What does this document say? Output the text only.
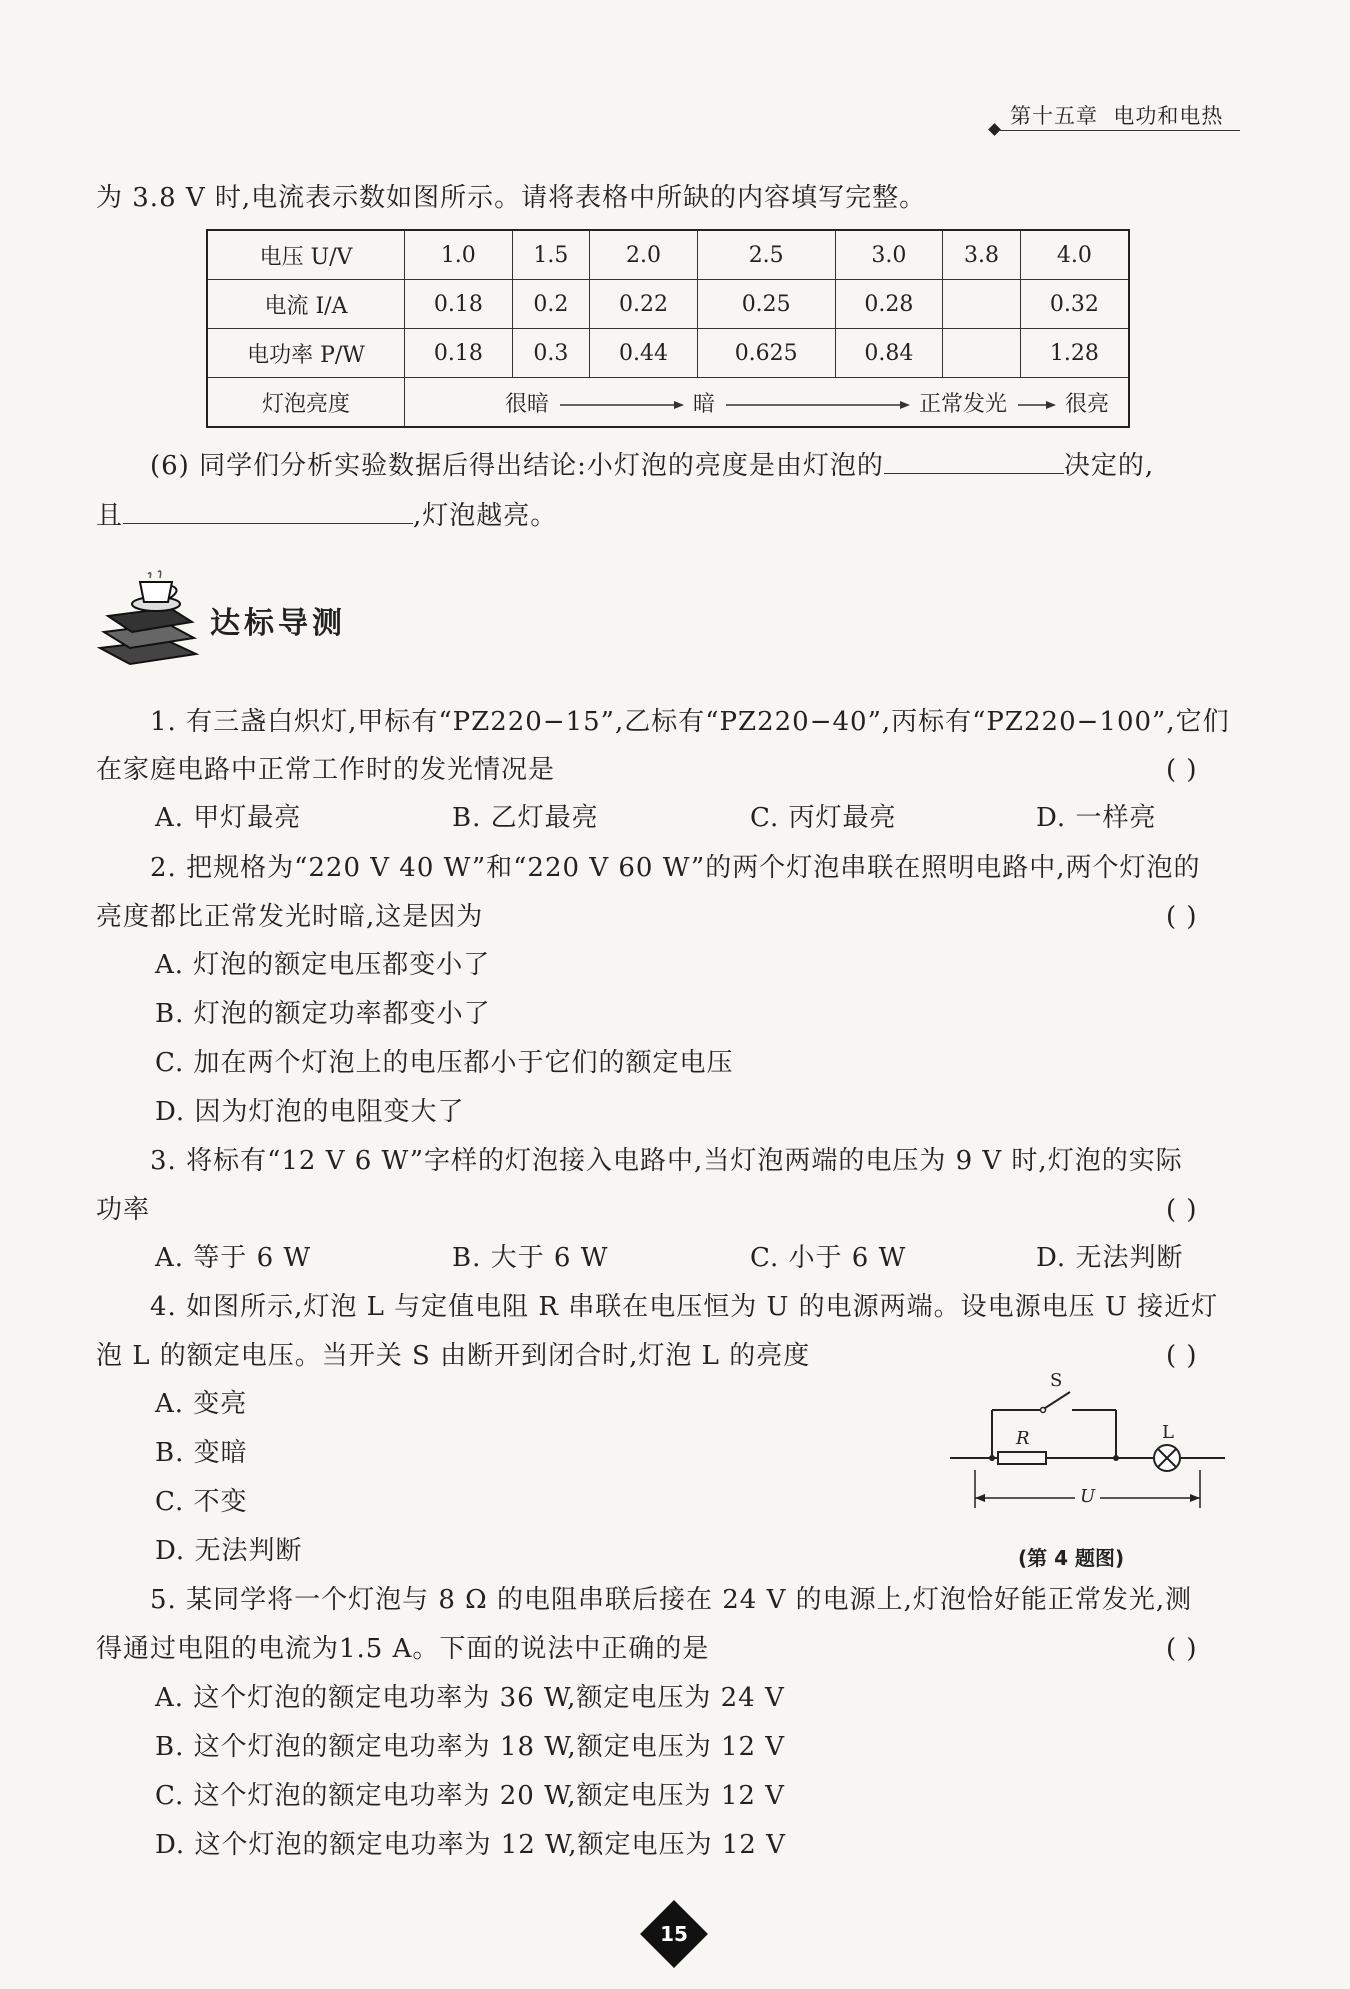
第十五章 电功和电热
为 3.8 V 时,电流表示数如图所示。请将表格中所缺的内容填写完整。
电压 U/V	1.0	1.5	2.0	2.5	3.0	3.8	4.0
电流 I/A	0.18	0.2	0.22	0.25	0.28		0.32
电功率 P/W	0.18	0.3	0.44	0.625	0.84		1.28
灯泡亮度	很暗 暗 正常发光 很亮						
(6) 同学们分析实验数据后得出结论:小灯泡的亮度是由灯泡的	决定的,
且	,灯泡越亮。
达标导测
1. 有三盏白炽灯,甲标有“PZ220−15”,乙标有“PZ220−40”,丙标有“PZ220−100”,它们
在家庭电路中正常工作时的发光情况是	( )
A. 甲灯最亮	B. 乙灯最亮	C. 丙灯最亮	D. 一样亮
2. 把规格为“220 V 40 W”和“220 V 60 W”的两个灯泡串联在照明电路中,两个灯泡的
亮度都比正常发光时暗,这是因为	( )
A. 灯泡的额定电压都变小了
B. 灯泡的额定功率都变小了
C. 加在两个灯泡上的电压都小于它们的额定电压
D. 因为灯泡的电阻变大了
3. 将标有“12 V 6 W”字样的灯泡接入电路中,当灯泡两端的电压为 9 V 时,灯泡的实际
功率	( )
A. 等于 6 W	B. 大于 6 W	C. 小于 6 W	D. 无法判断
4. 如图所示,灯泡 L 与定值电阻 R 串联在电压恒为 U 的电源两端。设电源电压 U 接近灯
泡 L 的额定电压。当开关 S 由断开到闭合时,灯泡 L 的亮度	( )
A. 变亮
B. 变暗
C. 不变
D. 无法判断
S
R	L
U
(第 4 题图)
5. 某同学将一个灯泡与 8 Ω 的电阻串联后接在 24 V 的电源上,灯泡恰好能正常发光,测
得通过电阻的电流为1.5 A。下面的说法中正确的是	( )
A. 这个灯泡的额定电功率为 36 W,额定电压为 24 V
B. 这个灯泡的额定电功率为 18 W,额定电压为 12 V
C. 这个灯泡的额定电功率为 20 W,额定电压为 12 V
D. 这个灯泡的额定电功率为 12 W,额定电压为 12 V
15
